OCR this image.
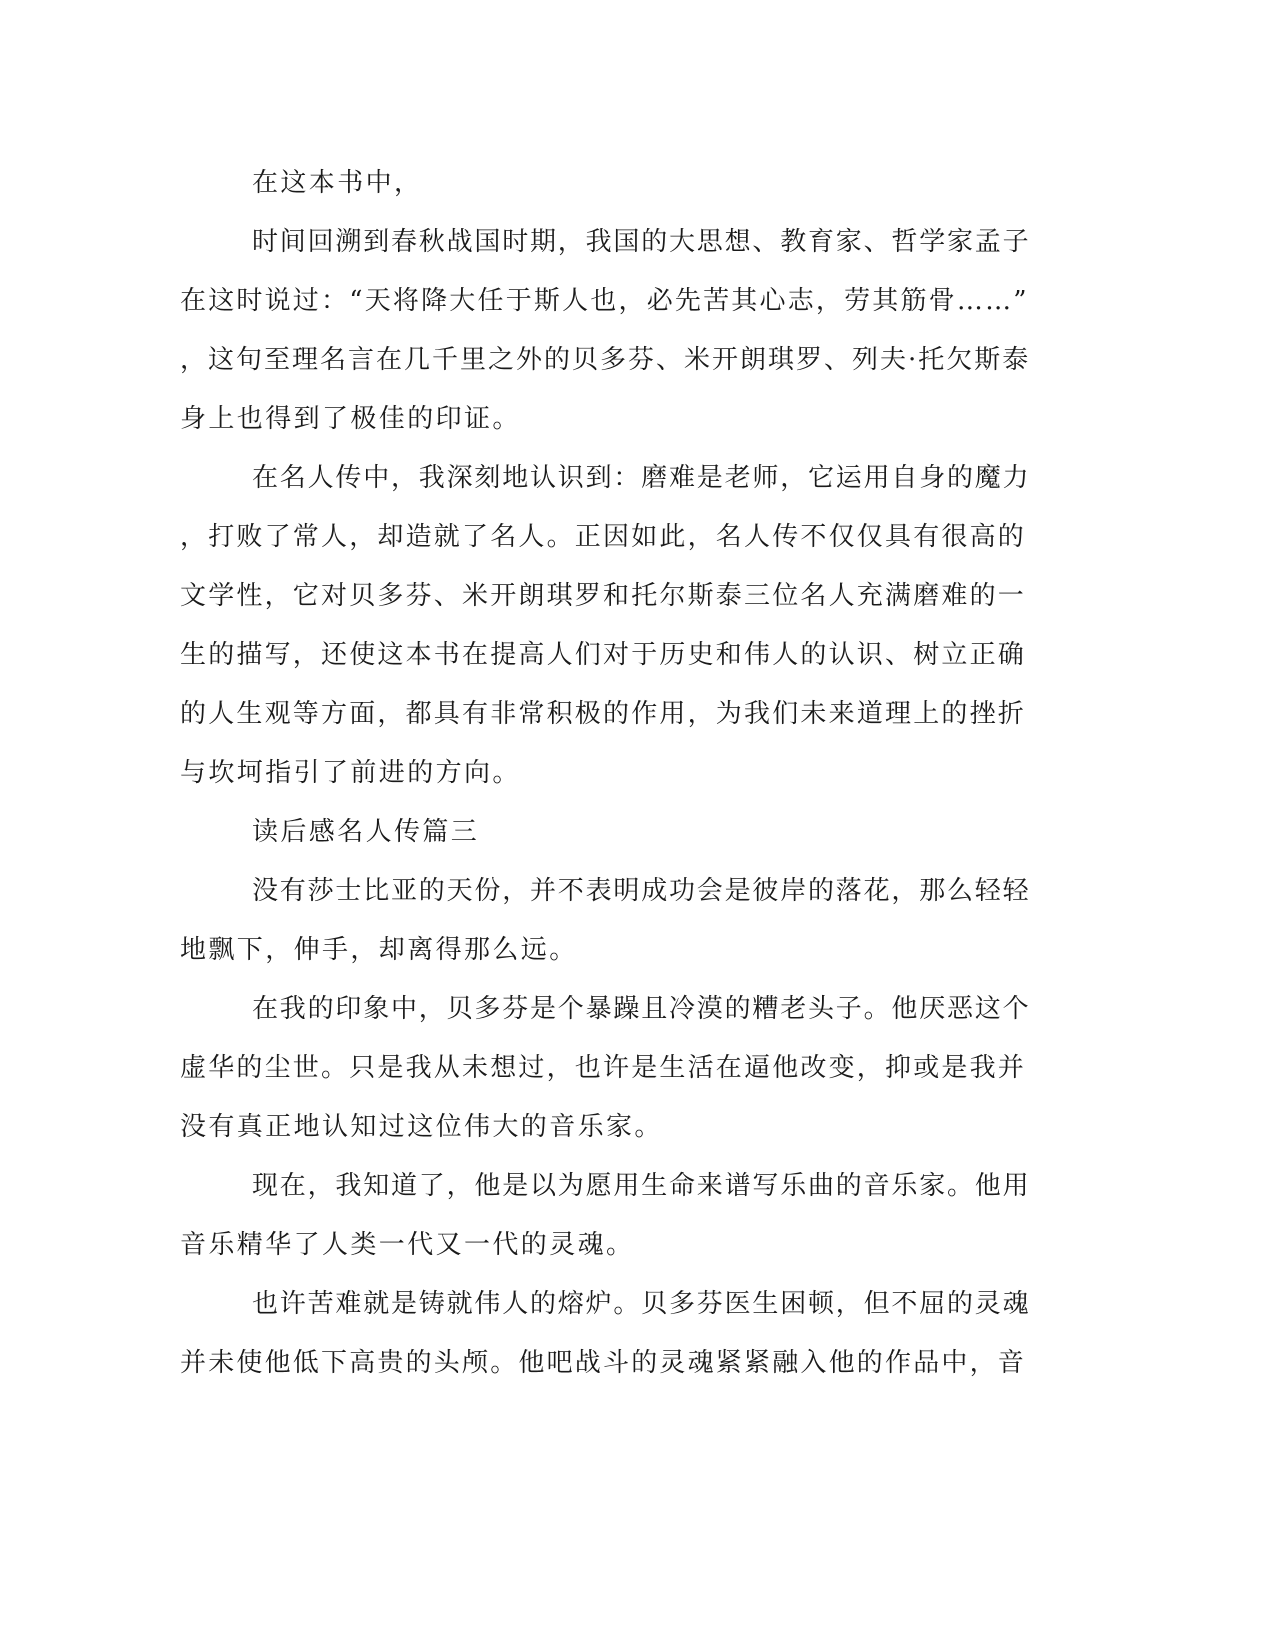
在这本书中，
时间回溯到春秋战国时期，我国的大思想、教育家、哲学家孟子
在这时说过：“天将降大任于斯人也，必先苦其心志，劳其筋骨……”
，这句至理名言在几千里之外的贝多芬、米开朗琪罗、列夫·托欠斯泰
身上也得到了极佳的印证。
在名人传中，我深刻地认识到：磨难是老师，它运用自身的魔力
，打败了常人，却造就了名人。正因如此，名人传不仅仅具有很高的
文学性，它对贝多芬、米开朗琪罗和托尔斯泰三位名人充满磨难的一
生的描写，还使这本书在提高人们对于历史和伟人的认识、树立正确
的人生观等方面，都具有非常积极的作用，为我们未来道理上的挫折
与坎坷指引了前进的方向。
读后感名人传篇三
没有莎士比亚的天份，并不表明成功会是彼岸的落花，那么轻轻
地飘下，伸手，却离得那么远。
在我的印象中，贝多芬是个暴躁且冷漠的糟老头子。他厌恶这个
虚华的尘世。只是我从未想过，也许是生活在逼他改变，抑或是我并
没有真正地认知过这位伟大的音乐家。
现在，我知道了，他是以为愿用生命来谱写乐曲的音乐家。他用
音乐精华了人类一代又一代的灵魂。
也许苦难就是铸就伟人的熔炉。贝多芬医生困顿，但不屈的灵魂
并未使他低下高贵的头颅。他吧战斗的灵魂紧紧融入他的作品中，音
